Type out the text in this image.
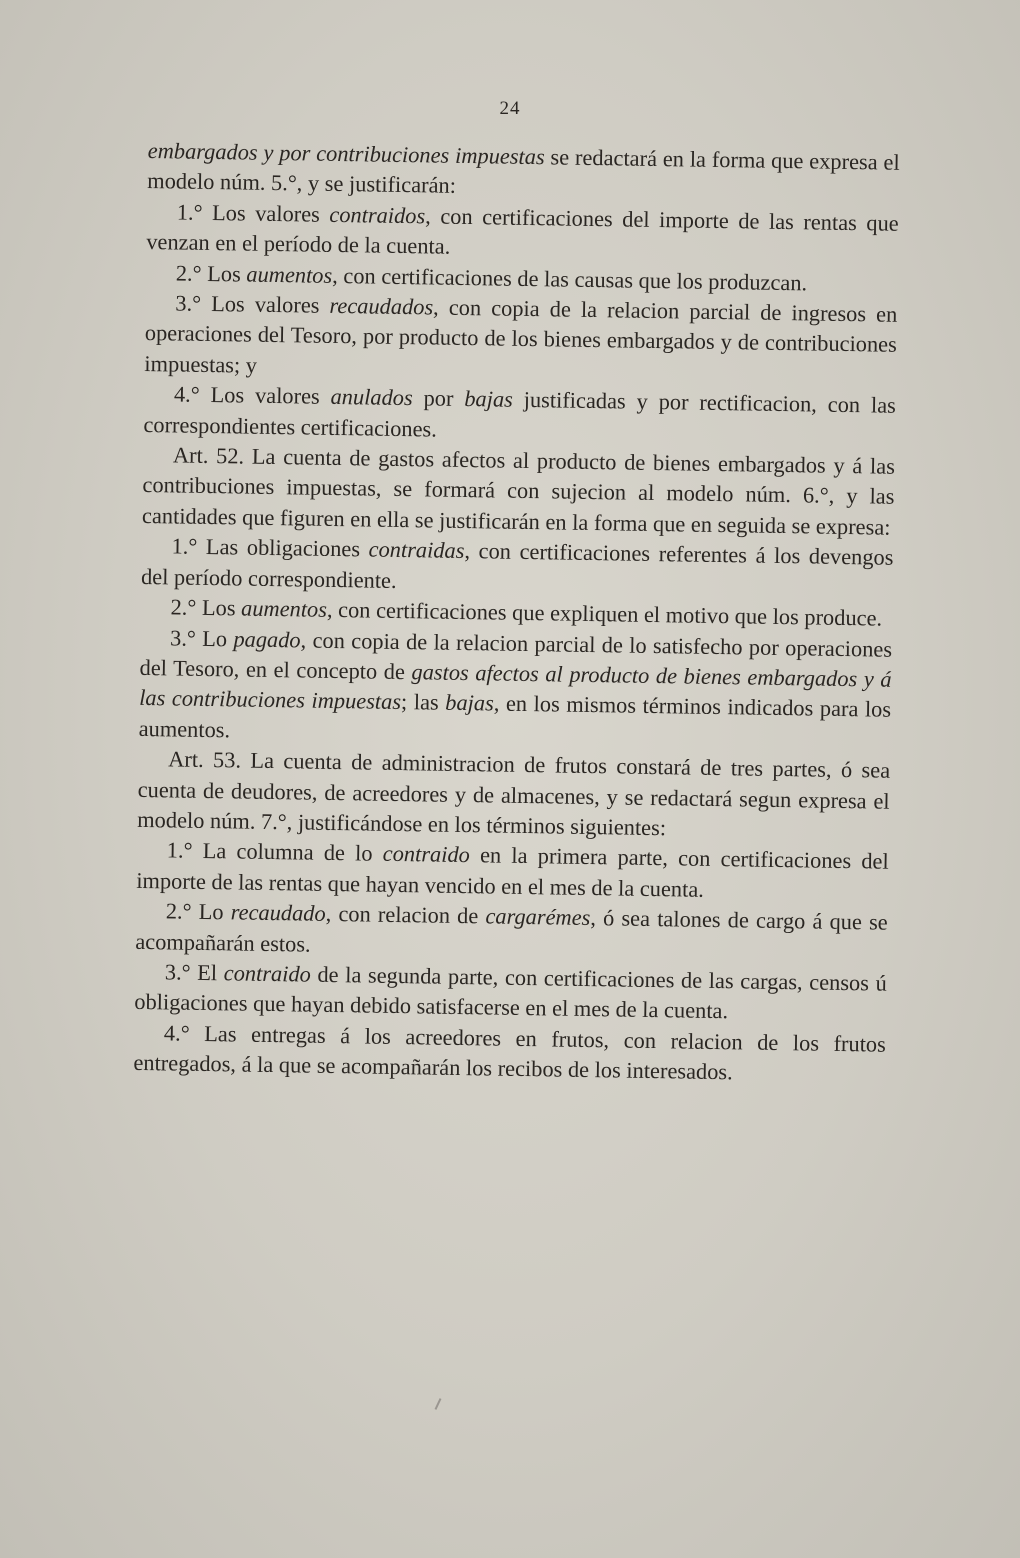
24

embargados y por contribuciones impuestas se redactará en la forma que expresa el modelo núm. 5.°, y se justificarán:

1.° Los valores contraidos, con certificaciones del importe de las rentas que venzan en el período de la cuenta.

2.° Los aumentos, con certificaciones de las causas que los produzcan.

3.° Los valores recaudados, con copia de la relacion parcial de ingresos en operaciones del Tesoro, por producto de los bienes embargados y de contribuciones impuestas; y

4.° Los valores anulados por bajas justificadas y por rectificacion, con las correspondientes certificaciones.

Art. 52. La cuenta de gastos afectos al producto de bienes embargados y á las contribuciones impuestas, se formará con sujecion al modelo núm. 6.°, y las cantidades que figuren en ella se justificarán en la forma que en seguida se expresa:

1.° Las obligaciones contraidas, con certificaciones referentes á los devengos del período correspondiente.

2.° Los aumentos, con certificaciones que expliquen el motivo que los produce.

3.° Lo pagado, con copia de la relacion parcial de lo satisfecho por operaciones del Tesoro, en el concepto de gastos afectos al producto de bienes embargados y á las contribuciones impuestas; las bajas, en los mismos términos indicados para los aumentos.

Art. 53. La cuenta de administracion de frutos constará de tres partes, ó sea cuenta de deudores, de acreedores y de almacenes, y se redactará segun expresa el modelo núm. 7.°, justificándose en los términos siguientes:

1.° La columna de lo contraido en la primera parte, con certificaciones del importe de las rentas que hayan vencido en el mes de la cuenta.

2.° Lo recaudado, con relacion de cargarémes, ó sea talones de cargo á que se acompañarán estos.

3.° El contraido de la segunda parte, con certificaciones de las cargas, censos ú obligaciones que hayan debido satisfacerse en el mes de la cuenta.

4.° Las entregas á los acreedores en frutos, con relacion de los frutos entregados, á la que se acompañarán los recibos de los interesados.
